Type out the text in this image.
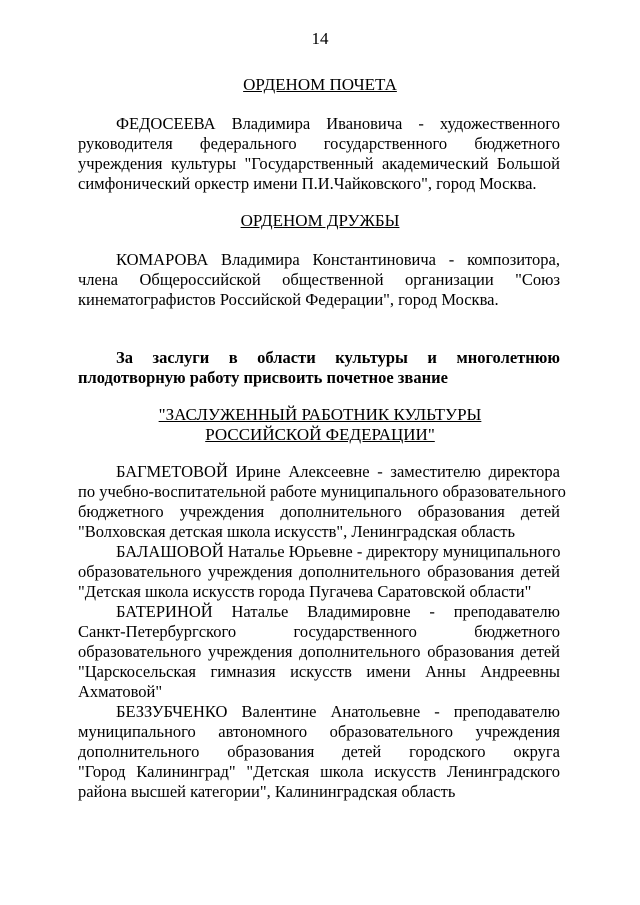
14
ОРДЕНОМ ПОЧЕТА
ФЕДОСЕЕВА Владимира Ивановича - художественного
руководителя федерального государственного бюджетного
учреждения культуры "Государственный академический Большой
симфонический оркестр имени П.И.Чайковского", город Москва.
ОРДЕНОМ ДРУЖБЫ
КОМАРОВА Владимира Константиновича - композитора,
члена Общероссийской общественной организации "Союз
кинематографистов Российской Федерации", город Москва.
За заслуги в области культуры и многолетнюю
плодотворную работу присвоить почетное звание
"ЗАСЛУЖЕННЫЙ РАБОТНИК КУЛЬТУРЫ
РОССИЙСКОЙ ФЕДЕРАЦИИ"
БАГМЕТОВОЙ Ирине Алексеевне - заместителю директора
по учебно-воспитательной работе муниципального образовательного
бюджетного учреждения дополнительного образования детей
"Волховская детская школа искусств", Ленинградская область
БАЛАШОВОЙ Наталье Юрьевне - директору муниципального
образовательного учреждения дополнительного образования детей
"Детская школа искусств города Пугачева Саратовской области"
БАТЕРИНОЙ Наталье Владимировне - преподавателю
Санкт-Петербургского государственного бюджетного
образовательного учреждения дополнительного образования детей
"Царскосельская гимназия искусств имени Анны Андреевны
Ахматовой"
БЕЗЗУБЧЕНКО Валентине Анатольевне - преподавателю
муниципального автономного образовательного учреждения
дополнительного образования детей городского округа
"Город Калининград" "Детская школа искусств Ленинградского
района высшей категории", Калининградская область
